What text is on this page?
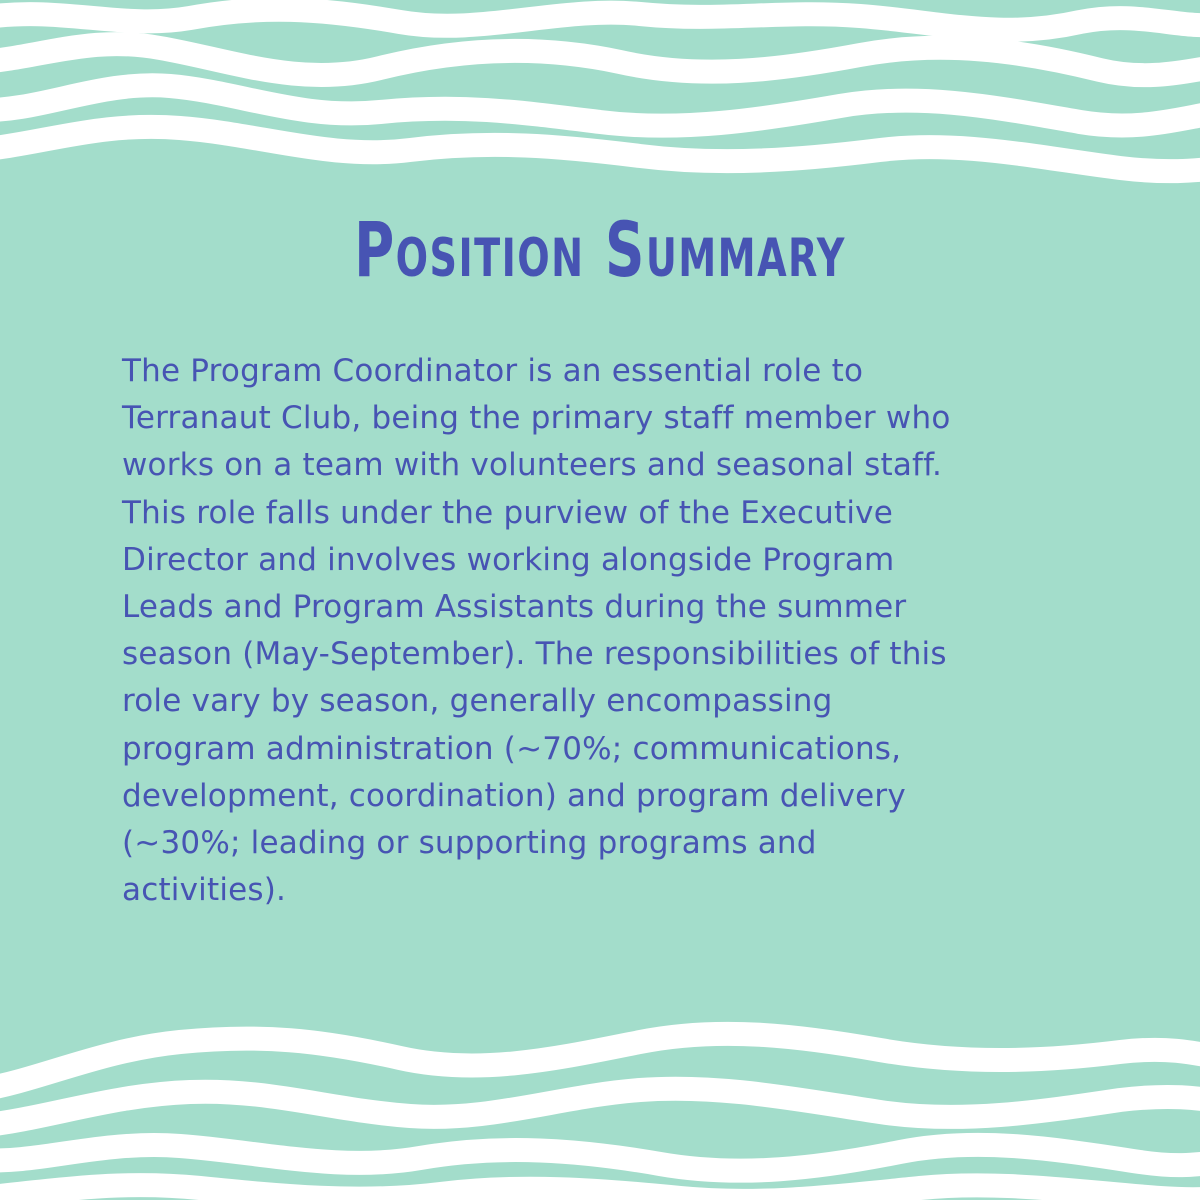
Position Summary

The Program Coordinator is an essential role to
Terranaut Club, being the primary staff member who
works on a team with volunteers and seasonal staff.
This role falls under the purview of the Executive
Director and involves working alongside Program
Leads and Program Assistants during the summer
season (May-September). The responsibilities of this
role vary by season, generally encompassing
program administration (~70%; communications,
development, coordination) and program delivery
(~30%; leading or supporting programs and
activities).
